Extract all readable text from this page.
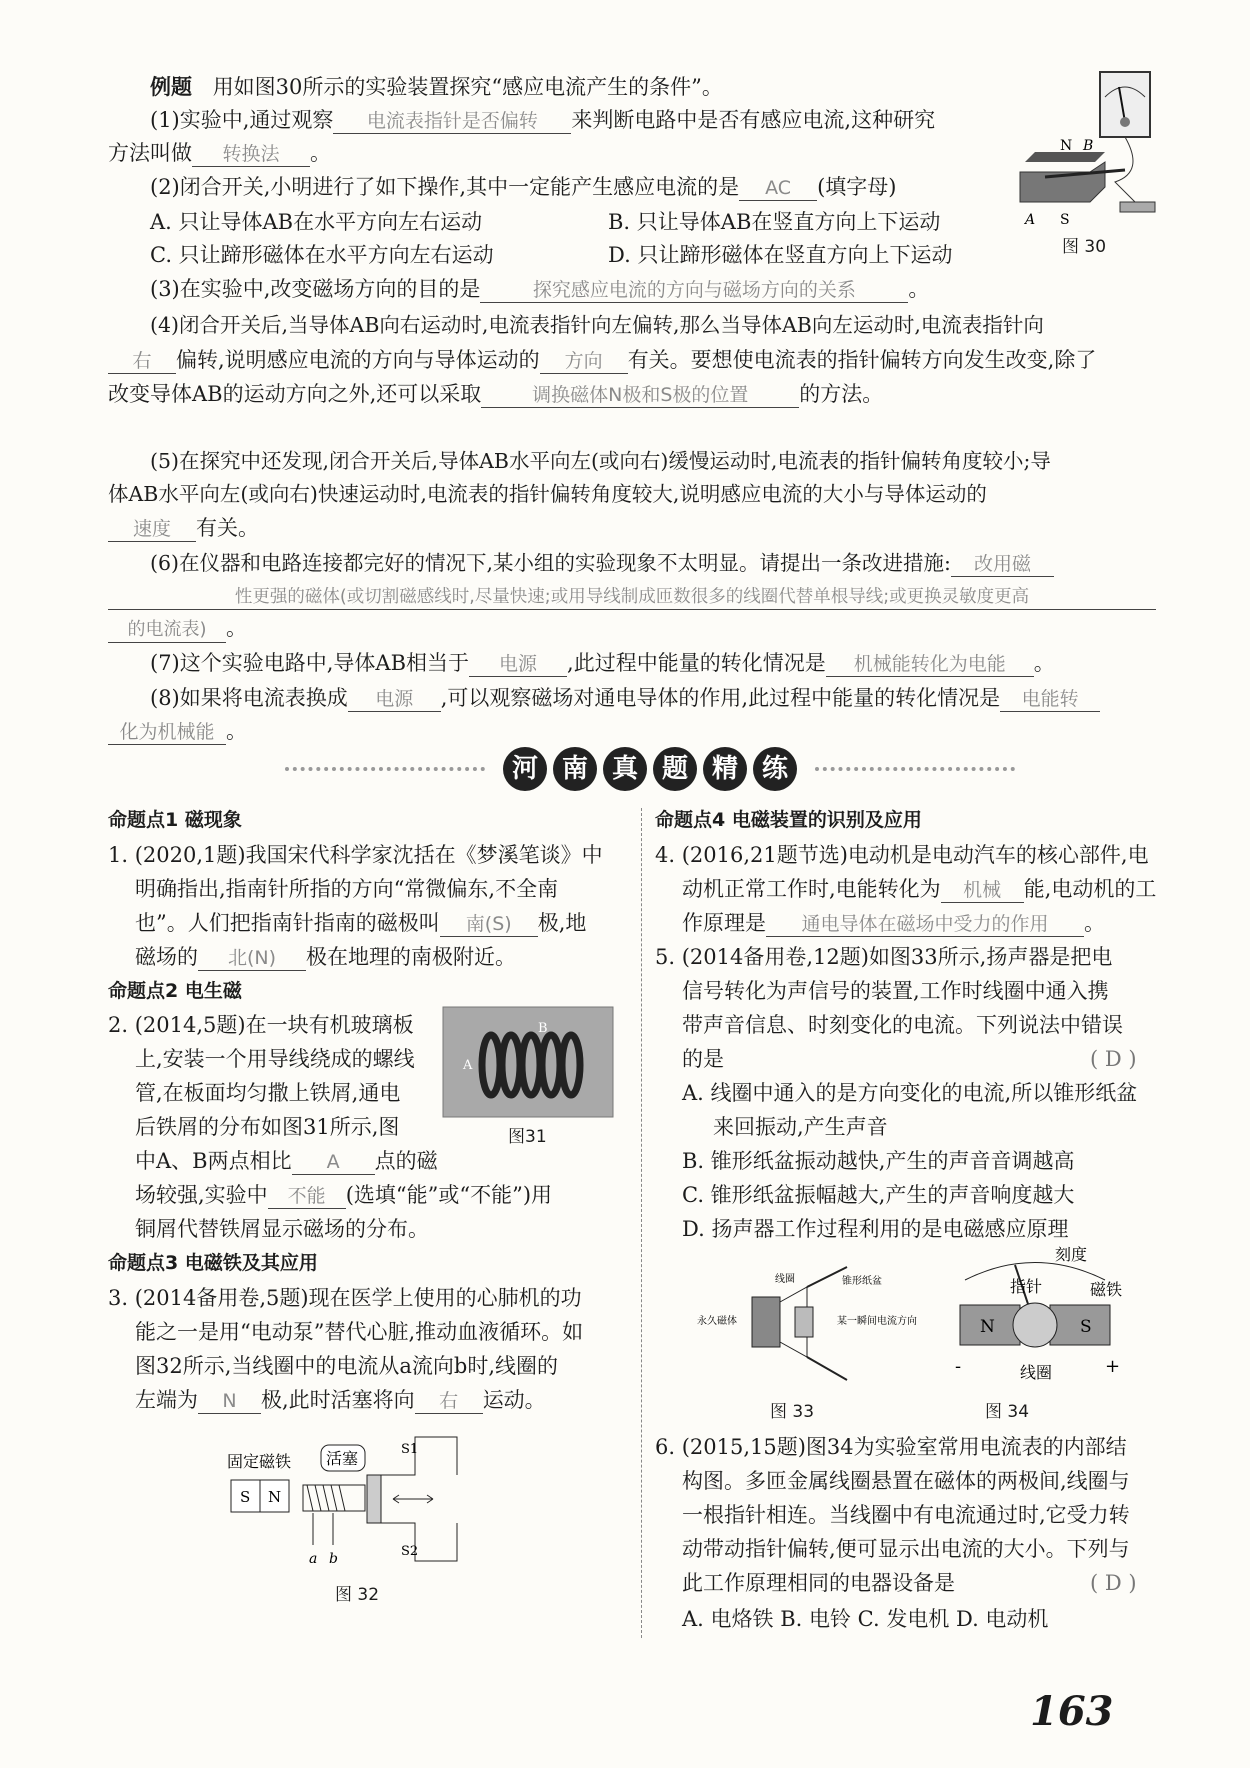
例题 用如图30所示的实验装置探究“感应电流产生的条件”。
(1)实验中,通过观察 电流表指针是否偏转 来判断电路中是否有感应电流,这种研究
方法叫做 转换法 。
(2)闭合开关,小明进行了如下操作,其中一定能产生感应电流的是 AC (填字母)
A. 只让导体AB在水平方向左右运动	B. 只让导体AB在竖直方向上下运动
C. 只让蹄形磁体在水平方向左右运动	D. 只让蹄形磁体在竖直方向上下运动
(3)在实验中,改变磁场方向的目的是	探究感应电流的方向与磁场方向的关系	。
(4)闭合开关后,当导体AB向右运动时,电流表指针向左偏转,那么当导体AB向左运动时,电流表指针向
右 偏转,说明感应电流的方向与导体运动的 方向 有关。要想使电流表的指针偏转方向发生改变,除了
改变导体AB的运动方向之外,还可以采取	调换磁体N极和S极的位置 的方法。
(5)在探究中还发现,闭合开关后,导体AB水平向左(或向右)缓慢运动时,电流表的指针偏转角度较小;导
体AB水平向左(或向右)快速运动时,电流表的指针偏转角度较大,说明感应电流的大小与导体运动的
速度 有关。
(6)在仪器和电路连接都完好的情况下,某小组的实验现象不太明显。请提出一条改进措施: 改用磁
性更强的磁体(或切割磁感线时,尽量快速;或用导线制成匝数很多的线圈代替单根导线;或更换灵敏度更高
的电流表) 。
(7)这个实验电路中,导体AB相当于 电源 ,此过程中能量的转化情况是 机械能转化为电能 。
(8)如果将电流表换成 电源 ,可以观察磁场对通电导体的作用,此过程中能量的转化情况是 电能转
化为机械能 。
N B
A S
图 30
河 南 真 题 精 练
命题点1 磁现象
1. (2020,1题)我国宋代科学家沈括在《梦溪笔谈》中
明确指出,指南针所指的方向“常微偏东,不全南
也”。人们把指南针指南的磁极叫 南(S) 极,地
磁场的 北(N) 极在地理的南极附近。
命题点2 电生磁
2. (2014,5题)在一块有机玻璃板
上,安装一个用导线绕成的螺线
管,在板面均匀撒上铁屑,通电
后铁屑的分布如图31所示,图
中A、B两点相比 A 点的磁
场较强,实验中 不能 (选填“能”或“不能”)用
铜屑代替铁屑显示磁场的分布。
A
B
图31
命题点3 电磁铁及其应用
3. (2014备用卷,5题)现在医学上使用的心肺机的功
能之一是用“电动泵”替代心脏,推动血液循环。如
图32所示,当线圈中的电流从a流向b时,线圈的
左端为 N 极,此时活塞将向 右 运动。
固定磁铁
S N
活塞	S1
S2
a b
图 32
命题点4 电磁装置的识别及应用
4. (2016,21题节选)电动机是电动汽车的核心部件,电
动机正常工作时,电能转化为 机械 能,电动机的工
作原理是 通电导体在磁场中受力的作用 。
5. (2014备用卷,12题)如图33所示,扬声器是把电
信号转化为声信号的装置,工作时线圈中通入携
带声音信息、时刻变化的电流。下列说法中错误
的是	( D )
A. 线圈中通入的是方向变化的电流,所以锥形纸盆
来回振动,产生声音
B. 锥形纸盆振动越快,产生的声音音调越高
C. 锥形纸盆振幅越大,产生的声音响度越大
D. 扬声器工作过程利用的是电磁感应原理
线圈	锥形纸盆
永久磁体	某一瞬间电流方向
图 33
N	S
刻度
指针	磁铁
线圈
-	+
图 34
6. (2015,15题)图34为实验室常用电流表的内部结
构图。多匝金属线圈悬置在磁体的两极间,线圈与
一根指针相连。当线圈中有电流通过时,它受力转
动带动指针偏转,便可显示出电流的大小。下列与
此工作原理相同的电器设备是	( D )
A. 电烙铁 B. 电铃 C. 发电机 D. 电动机
163
